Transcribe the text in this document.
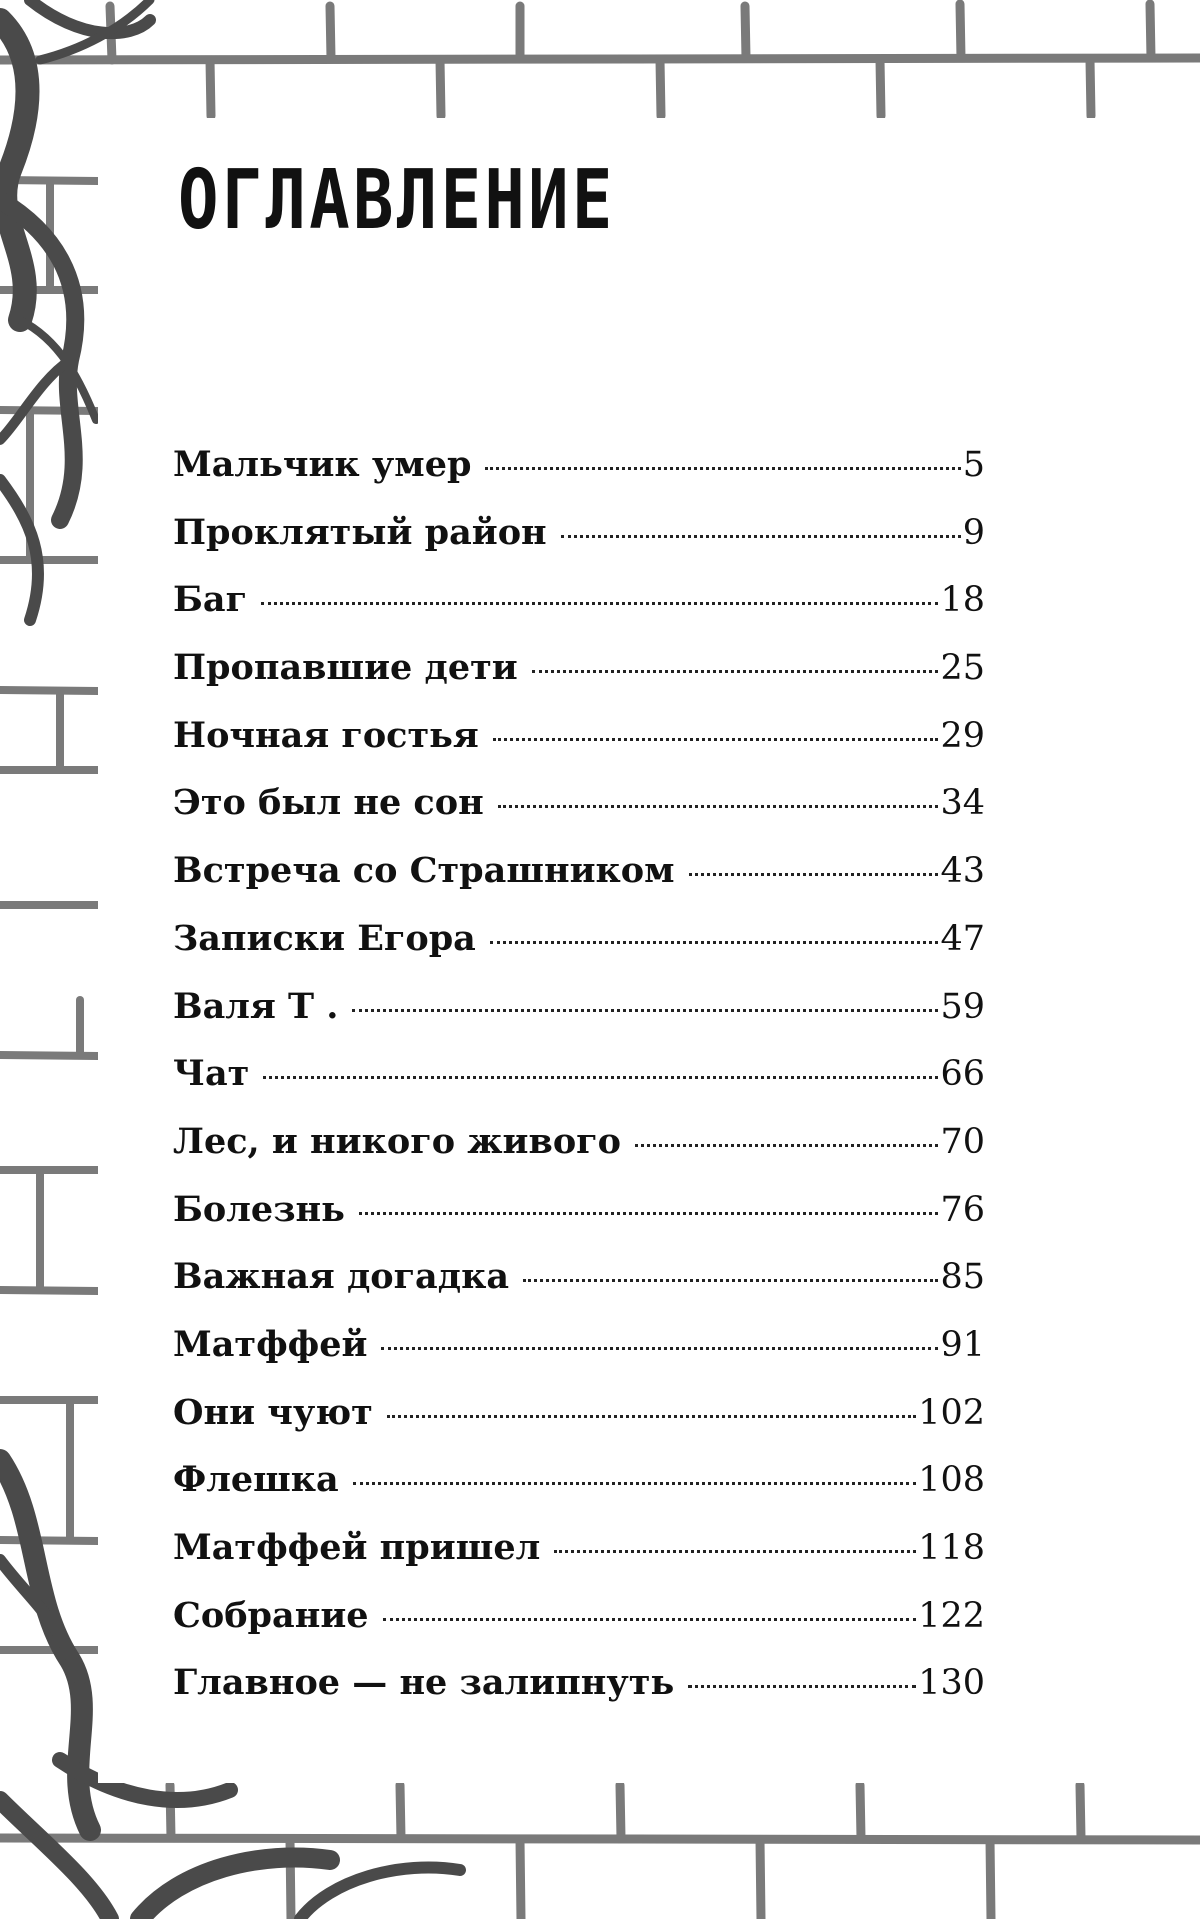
ОГЛАВЛЕНИЕ
Мальчик умер	5
Проклятый район	9
Баг	18
Пропавшие дети	25
Ночная гостья	29
Это был не сон	34
Встреча со Страшником	43
Записки Егора	47
Валя Т .	59
Чат	66
Лес, и никого живого	70
Болезнь	76
Важная догадка	85
Матффей	91
Они чуют	102
Флешка	108
Матффей пришел	118
Собрание	122
Главное — не залипнуть	130
